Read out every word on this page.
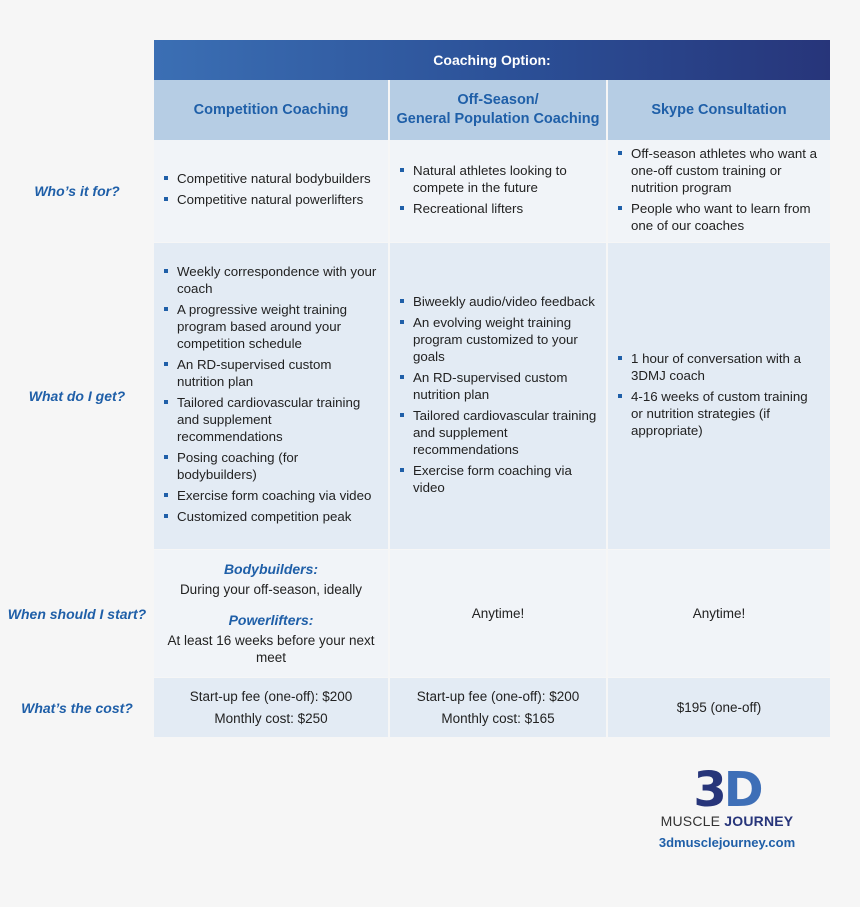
Coaching Option:
Competition Coaching
Off-Season/
General Population Coaching
Skype Consultation
Who’s it for?
Competitive natural bodybuilders
Competitive natural powerlifters
Natural athletes looking to compete in the future
Recreational lifters
Off-season athletes who want a one-off custom training or nutrition program
People who want to learn from one of our coaches
What do I get?
Weekly correspondence with your coach
A progressive weight training program based around your competition schedule
An RD-supervised custom nutrition plan
Tailored cardiovascular training and supplement recommendations
Posing coaching (for bodybuilders)
Exercise form coaching via video
Customized competition peak
Biweekly audio/video feedback
An evolving weight training program customized to your goals
An RD-supervised custom nutrition plan
Tailored cardiovascular training and supplement recommendations
Exercise form coaching via video
1 hour of conversation with a 3DMJ coach
4-16 weeks of custom training or nutrition strategies (if appropriate)
When should I start?
Bodybuilders:
During your off-season, ideally
Powerlifters:
At least 16 weeks before your next meet
Anytime!	Anytime!
What’s the cost?
Start-up fee (one-off): $200
Monthly cost: $250
Start-up fee (one-off): $200
Monthly cost: $165
$195 (one-off)
3 D
MUSCLE JOURNEY
3dmusclejourney.com
